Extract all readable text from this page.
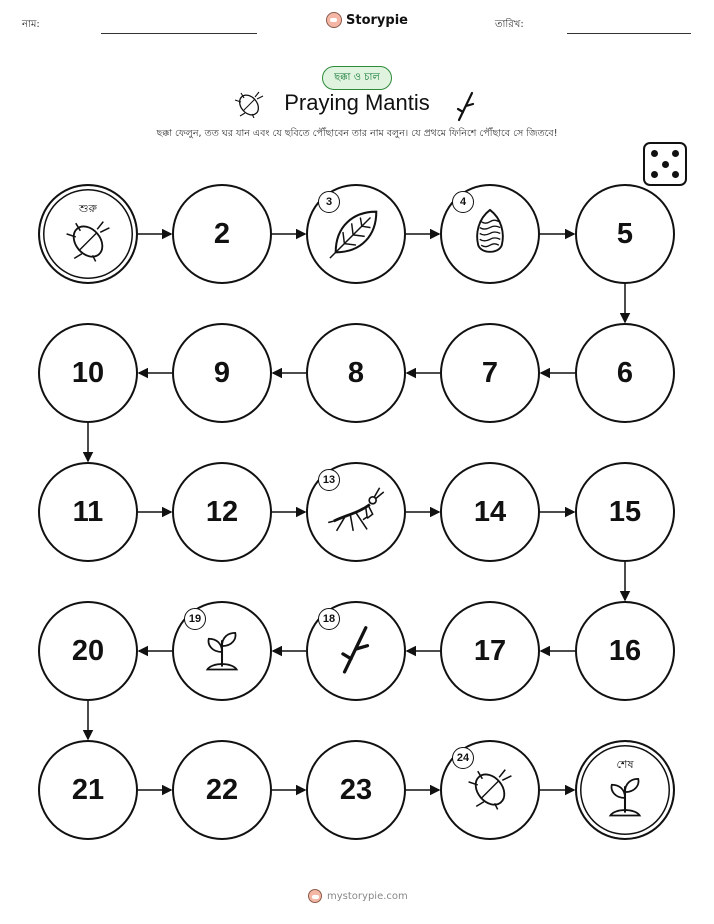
নাম:	Storypie	তারিখ:
ছক্কা ও চাল
Praying Mantis
ছক্কা ফেলুন, তত ঘর যান এবং যে ছবিতে পৌঁছাবেন তার নাম বলুন। যে প্রথমে ফিনিশে পৌঁছাবে সে জিতবে!
শুরু
2
3	4
5
6
7
8
9
10
11	12
13
14	15
16
17
18
19
20
21	22	23
24	শেষ
mystorypie.com
